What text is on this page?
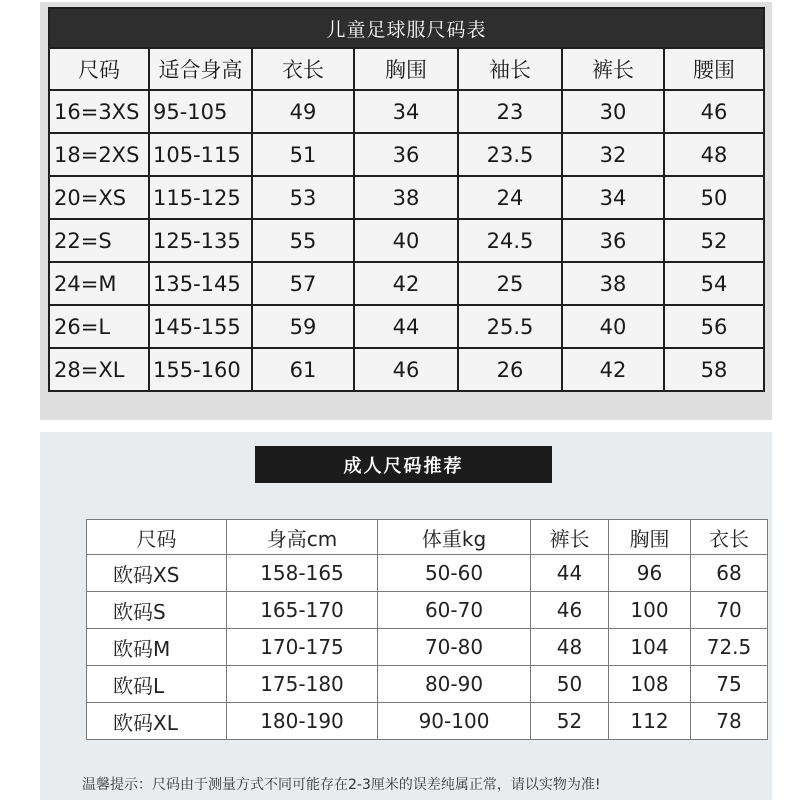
儿童足球服尺码表						
尺码	适合身高	衣长	胸围	袖长	裤长	腰围
16=3XS	95-105	49	34	23	30	46
18=2XS	105-115	51	36	23.5	32	48
20=XS	115-125	53	38	24	34	50
22=S	125-135	55	40	24.5	36	52
24=M	135-145	57	42	25	38	54
26=L	145-155	59	44	25.5	40	56
28=XL	155-160	61	46	26	42	58
成人尺码推荐
尺码	身高cm	体重kg	裤长	胸围	衣长
欧码XS	158-165	50-60	44	96	68
欧码S	165-170	60-70	46	100	70
欧码M	170-175	70-80	48	104	72.5
欧码L	175-180	80-90	50	108	75
欧码XL	180-190	90-100	52	112	78
温馨提示：尺码由于测量方式不同可能存在2-3厘米的误差纯属正常，请以实物为准!
